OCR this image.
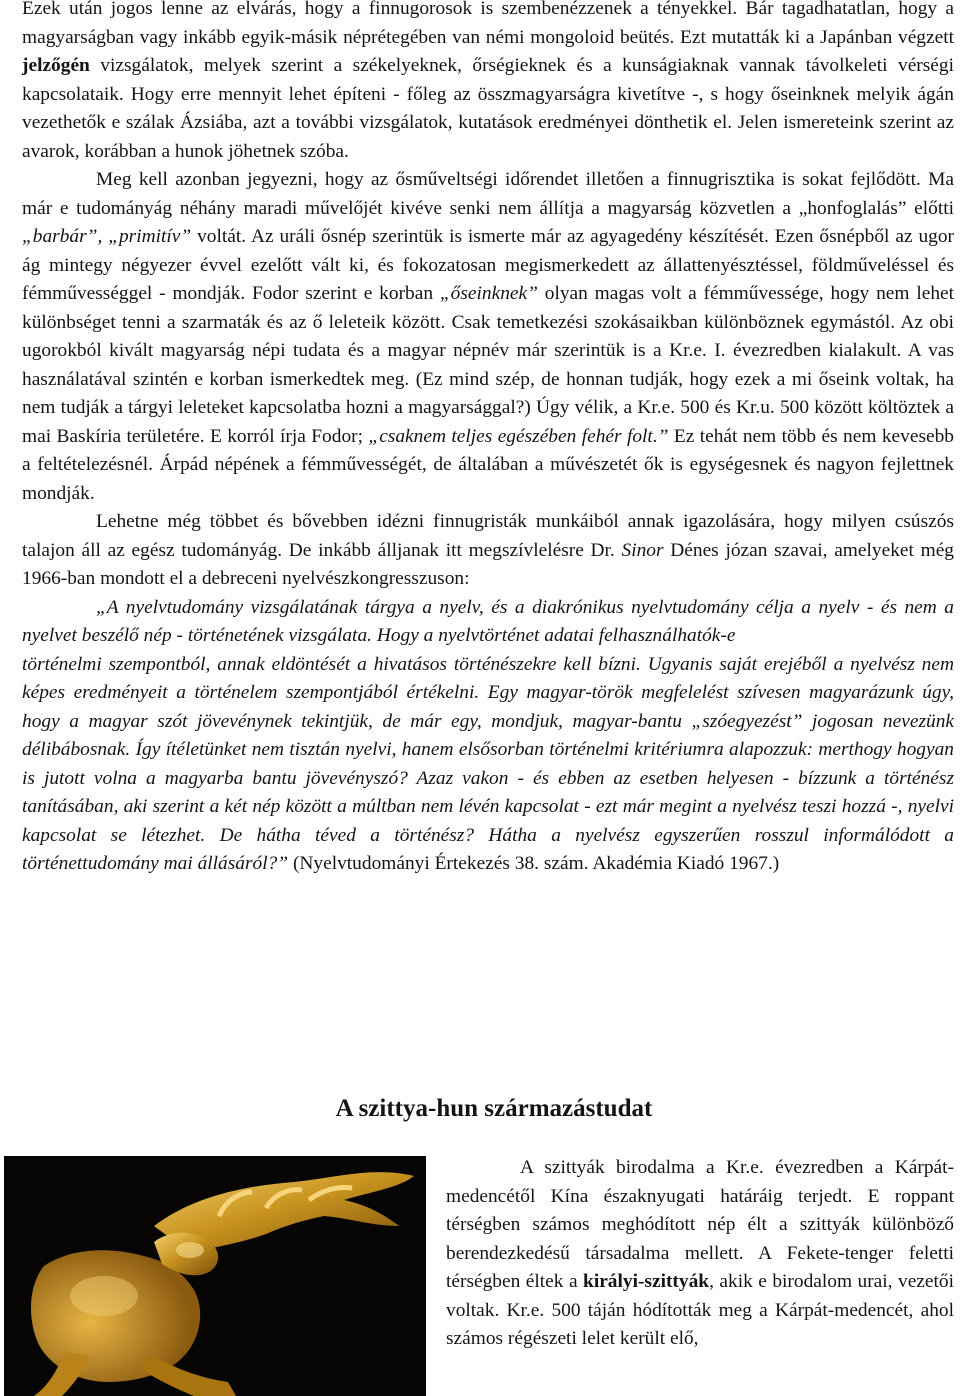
Ezek után jogos lenne az elvárás, hogy a finnugorosok is szembenézzenek a tényekkel. Bár tagadhatatlan, hogy a magyarságban vagy inkább egyik-másik néprétegében van némi mongoloid beütés. Ezt mutatták ki a Japánban végzett jelzőgén vizsgálatok, melyek szerint a székelyeknek, őrségieknek és a kunságiaknak vannak távolkeleti vérségi kapcsolataik. Hogy erre mennyit lehet építeni - főleg az összmagyarságra kivetítve -, s hogy őseinknek melyik ágán vezethetők e szálak Ázsiába, azt a további vizsgálatok, kutatások eredményei dönthetik el. Jelen ismereteink szerint az avarok, korábban a hunok jöhetnek szóba.

Meg kell azonban jegyezni, hogy az ősműveltségi időrendet illetően a finnugrisztika is sokat fejlődött. Ma már e tudományág néhány maradi művelőjét kivéve senki nem állítja a magyarság közvetlen a „honfoglalás” előtti „barbár”, „primitív” voltát. Az uráli ősnép szerintük is ismerte már az agyagedény készítését. Ezen ősnépből az ugor ág mintegy négyezer évvel ezelőtt vált ki, és fokozatosan megismerkedett az állattenyésztéssel, földműveléssel és fémművességgel - mondják. Fodor szerint e korban „őseinknek” olyan magas volt a fémművessége, hogy nem lehet különbséget tenni a szarmaták és az ő leleteik között. Csak temetkezési szokásaikban különböznek egymástól. Az obi ugorokból kivált magyarság népi tudata és a magyar népnév már szerintük is a Kr.e. I. évezredben kialakult. A vas használatával szintén e korban ismerkedtek meg. (Ez mind szép, de honnan tudják, hogy ezek a mi őseink voltak, ha nem tudják a tárgyi leleteket kapcsolatba hozni a magyarsággal?) Úgy vélik, a Kr.e. 500 és Kr.u. 500 között költöztek a mai Baskíria területére. E korról írja Fodor; „csaknem teljes egészében fehér folt.” Ez tehát nem több és nem kevesebb a feltételezésnél. Árpád népének a fémművességét, de általában a művészetét ők is egységesnek és nagyon fejlettnek mondják.

Lehetne még többet és bővebben idézni finnugristák munkáiból annak igazolására, hogy milyen csúszós talajon áll az egész tudományág. De inkább álljanak itt megszívlelésre Dr. Sinor Dénes józan szavai, amelyeket még 1966-ban mondott el a debreceni nyelvészkongresszuson:

„A nyelvtudomány vizsgálatának tárgya a nyelv, és a diakrónikus nyelvtudomány célja a nyelv - és nem a nyelvet beszélő nép - történetének vizsgálata. Hogy a nyelvtörténet adatai felhasználhatók-e

történelmi szempontból, annak eldöntését a hivatásos történészekre kell bízni. Ugyanis saját erejéből a nyelvész nem képes eredményeit a történelem szempontjából értékelni. Egy magyar-török megfelelést szívesen magyarázunk úgy, hogy a magyar szót jövevénynek tekintjük, de már egy, mondjuk, magyar-bantu „szóegyezést” jogosan nevezünk délibábosnak. Így ítéletünket nem tisztán nyelvi, hanem elsősorban történelmi kritériumra alapozzuk: merthogy hogyan is jutott volna a magyarba bantu jövevényszó? Azaz vakon - és ebben az esetben helyesen - bízzunk a történész tanításában, aki szerint a két nép között a múltban nem lévén kapcsolat - ezt már megint a nyelvész teszi hozzá -, nyelvi kapcsolat se létezhet. De hátha téved a történész? Hátha a nyelvész egyszerűen rosszul informálódott a történettudomány mai állásáról?” (Nyelvtudományi Értekezés 38. szám. Akadémia Kiadó 1967.)

A szittya-hun származástudat

A szittyák birodalma a Kr.e. évezredben a Kárpát-medencétől Kína északnyugati határáig terjedt. E roppant térségben számos meghódított nép élt a szittyák különböző berendezkedésű társadalma mellett. A Fekete-tenger feletti térségben éltek a királyi-szittyák, akik e birodalom urai, vezetői voltak. Kr.e. 500 táján hódították meg a Kárpát-medencét, ahol számos régészeti lelet került elő,
